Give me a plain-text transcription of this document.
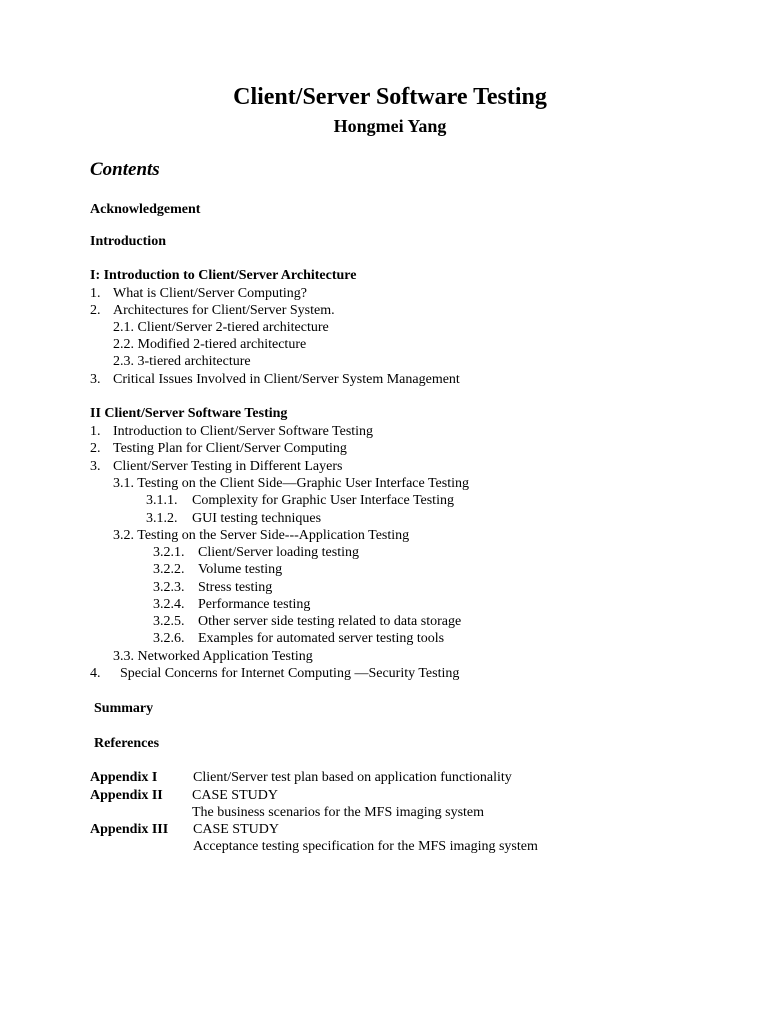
Client/Server Software Testing
Hongmei Yang
Contents
Acknowledgement
Introduction
I: Introduction to Client/Server Architecture
1. What is Client/Server Computing?
2. Architectures for Client/Server System.
2.1. Client/Server 2-tiered architecture
2.2. Modified 2-tiered architecture
2.3. 3-tiered architecture
3. Critical Issues Involved in Client/Server System Management
II Client/Server Software Testing
1. Introduction to Client/Server Software Testing
2. Testing Plan for Client/Server Computing
3. Client/Server Testing in Different Layers
3.1. Testing on the Client Side—Graphic User Interface Testing
3.1.1. Complexity for Graphic User Interface Testing
3.1.2. GUI testing techniques
3.2. Testing on the Server Side---Application Testing
3.2.1. Client/Server loading testing
3.2.2. Volume testing
3.2.3. Stress testing
3.2.4. Performance testing
3.2.5. Other server side testing related to data storage
3.2.6. Examples for automated server testing tools
3.3. Networked Application Testing
4. Special Concerns for Internet Computing —Security Testing
Summary
References
Appendix I	Client/Server test plan based on application functionality
Appendix II CASE STUDY
The business scenarios for the MFS imaging system
Appendix III CASE STUDY
Acceptance testing specification for the MFS imaging system
